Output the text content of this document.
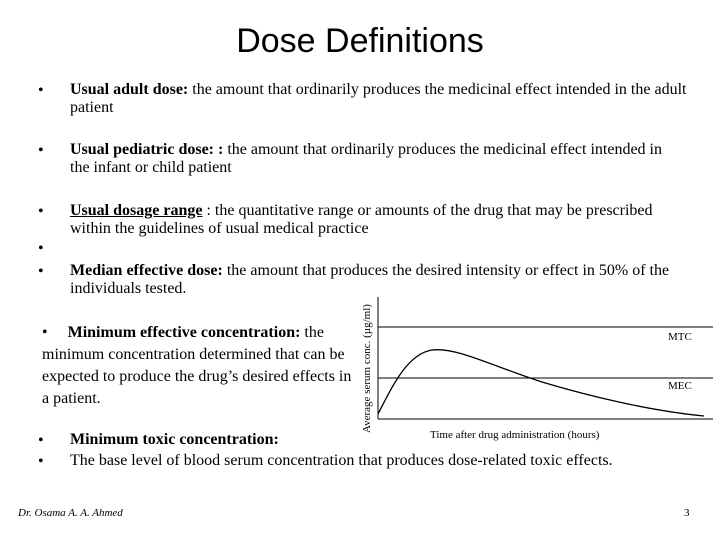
Dose Definitions
•
•
•
•
•
•
•
Usual adult dose: the amount that ordinarily produces the medicinal effect intended in the adult patient
Usual pediatric dose: : the amount that ordinarily produces the medicinal effect intended in the infant or child patient
Usual dosage range : the quantitative range or amounts of the drug that may be prescribed within the guidelines of usual medical practice
Median effective dose: the amount that produces the desired intensity or effect in 50% of the individuals tested.
• Minimum effective concentration: the minimum concentration determined that can be expected to produce the drug’s desired effects in a patient.
Minimum toxic concentration:
The base level of blood serum concentration that produces dose-related toxic effects.
MTC
MEC
Time after drug administration (hours)
Average serum conc. (µg/ml)
Dr. Osama A. A. Ahmed	3
